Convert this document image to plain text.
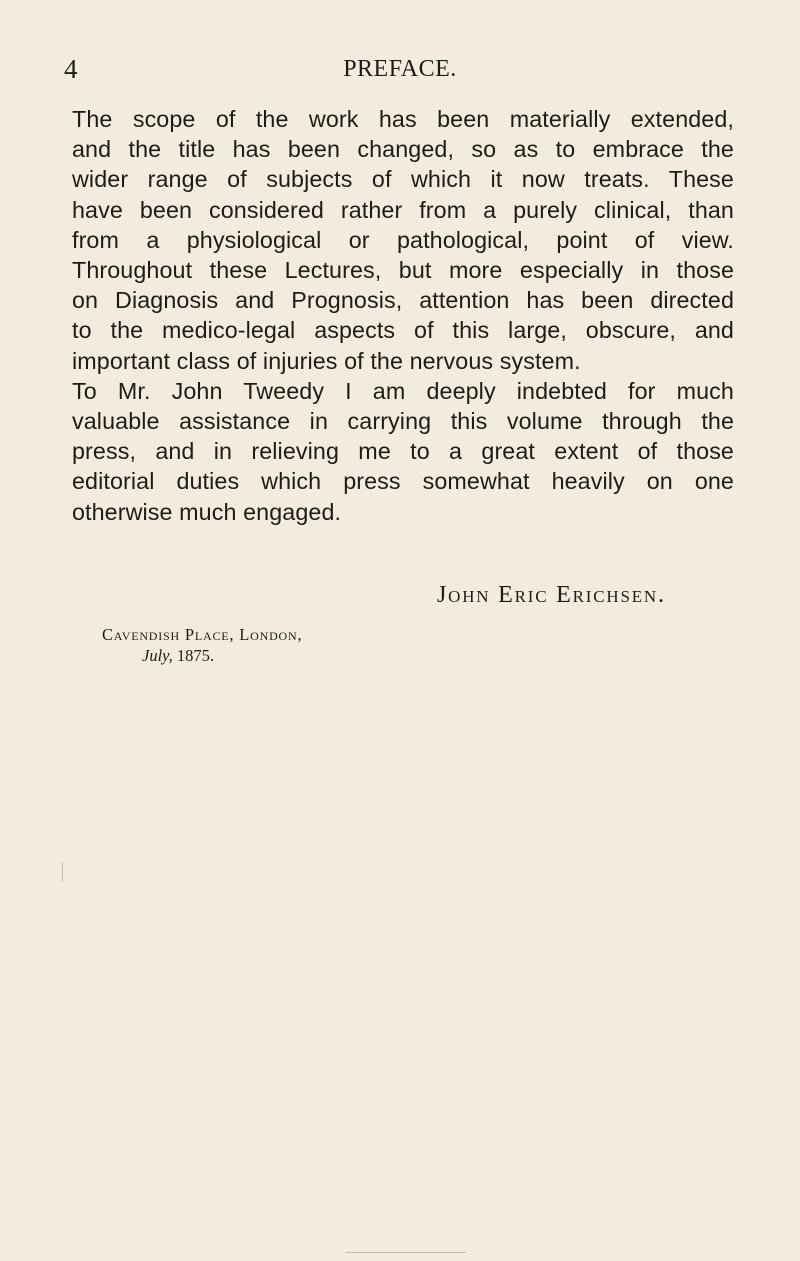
4	PREFACE.
The scope of the work has been materially extended,
and the title has been changed, so as to embrace the
wider range of subjects of which it now treats. These
have been considered rather from a purely clinical, than
from a physiological or pathological, point of view.
Throughout these Lectures, but more especially in those
on Diagnosis and Prognosis, attention has been directed
to the medico-legal aspects of this large, obscure, and
important class of injuries of the nervous system.
To Mr. John Tweedy I am deeply indebted for much
valuable assistance in carrying this volume through the
press, and in relieving me to a great extent of those
editorial duties which press somewhat heavily on one
otherwise much engaged.
John Eric Erichsen.
Cavendish Place, London,
July, 1875.
